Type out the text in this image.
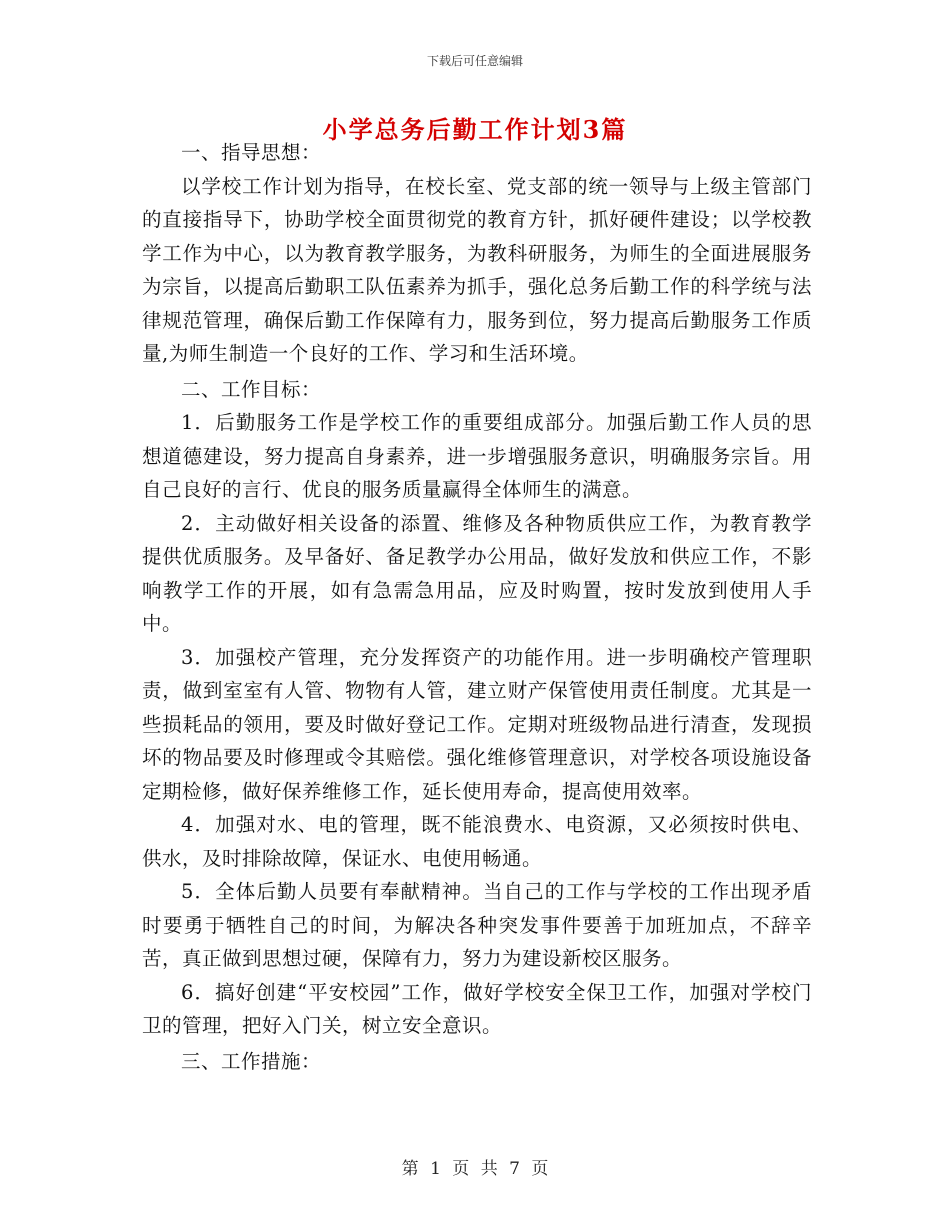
下载后可任意编辑
小学总务后勤工作计划3篇

一、指导思想：

以学校工作计划为指导，在校长室、党支部的统一领导与上级主管部门的直接指导下，协助学校全面贯彻党的教育方针，抓好硬件建设；以学校教学工作为中心，以为教育教学服务，为教科研服务，为师生的全面进展服务为宗旨，以提高后勤职工队伍素养为抓手，强化总务后勤工作的科学统与法律规范管理，确保后勤工作保障有力，服务到位，努力提高后勤服务工作质量,为师生制造一个良好的工作、学习和生活环境。

二、工作目标：

1．后勤服务工作是学校工作的重要组成部分。加强后勤工作人员的思想道德建设，努力提高自身素养，进一步增强服务意识，明确服务宗旨。用自己良好的言行、优良的服务质量赢得全体师生的满意。

2．主动做好相关设备的添置、维修及各种物质供应工作，为教育教学提供优质服务。及早备好、备足教学办公用品，做好发放和供应工作，不影响教学工作的开展，如有急需急用品，应及时购置，按时发放到使用人手中。

3．加强校产管理，充分发挥资产的功能作用。进一步明确校产管理职责，做到室室有人管、物物有人管，建立财产保管使用责任制度。尤其是一些损耗品的领用，要及时做好登记工作。定期对班级物品进行清查，发现损坏的物品要及时修理或令其赔偿。强化维修管理意识，对学校各项设施设备定期检修，做好保养维修工作，延长使用寿命，提高使用效率。

4．加强对水、电的管理，既不能浪费水、电资源，又必须按时供电、供水，及时排除故障，保证水、电使用畅通。

5．全体后勤人员要有奉献精神。当自己的工作与学校的工作出现矛盾时要勇于牺牲自己的时间，为解决各种突发事件要善于加班加点，不辞辛苦，真正做到思想过硬，保障有力，努力为建设新校区服务。

6．搞好创建“平安校园”工作，做好学校安全保卫工作，加强对学校门卫的管理，把好入门关，树立安全意识。

三、工作措施：

第 1 页 共 7 页
